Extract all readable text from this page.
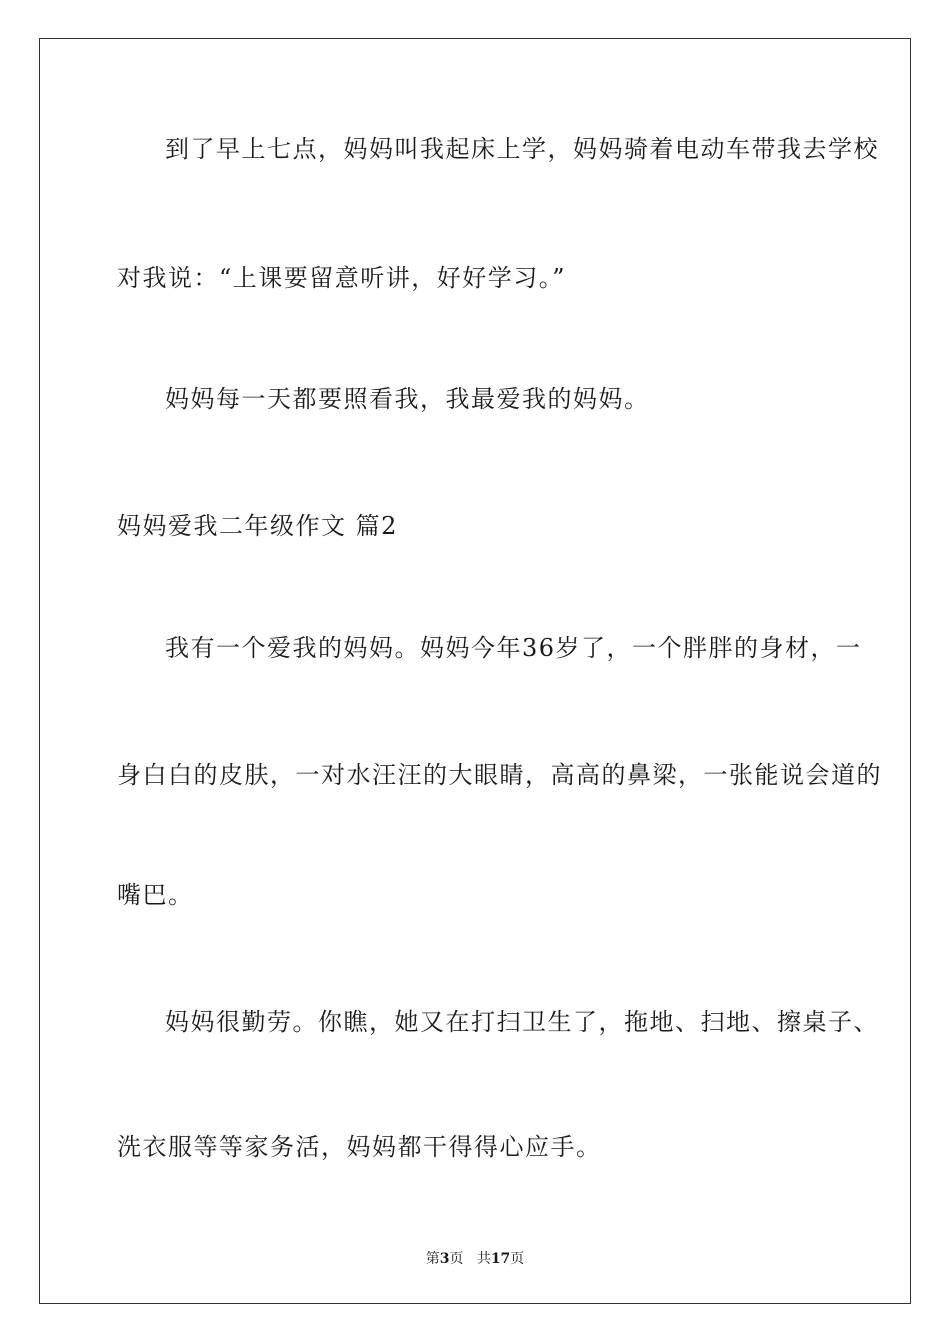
到了早上七点，妈妈叫我起床上学，妈妈骑着电动车带我去学校
对我说：“上课要留意听讲，好好学习。”
妈妈每一天都要照看我，我最爱我的妈妈。
妈妈爱我二年级作文 篇2
我有一个爱我的妈妈。妈妈今年36岁了，一个胖胖的身材，一
身白白的皮肤，一对水汪汪的大眼睛，高高的鼻梁，一张能说会道的
嘴巴。
妈妈很勤劳。你瞧，她又在打扫卫生了，拖地、扫地、擦桌子、
洗衣服等等家务活，妈妈都干得得心应手。
第3页 共17页
